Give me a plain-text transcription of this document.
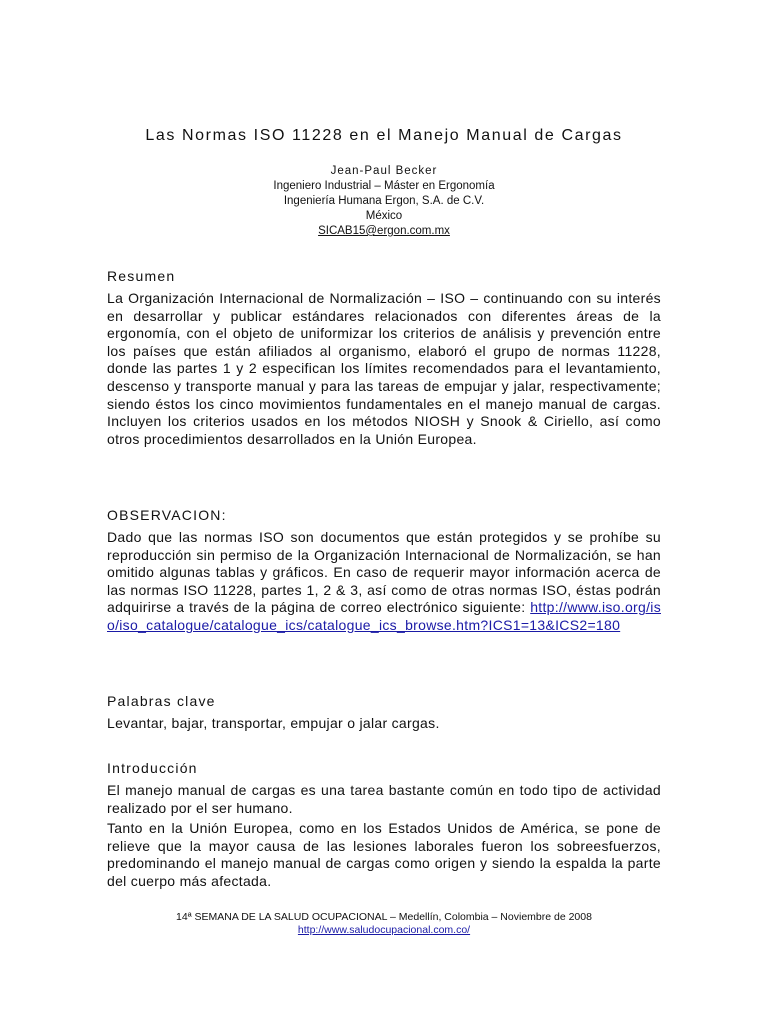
Las Normas ISO 11228 en el Manejo Manual de Cargas
Jean-Paul Becker
Ingeniero Industrial – Máster en Ergonomía
Ingeniería Humana Ergon, S.A. de C.V.
México
SICAB15@ergon.com.mx
Resumen
La Organización Internacional de Normalización – ISO – continuando con su interés en desarrollar y publicar estándares relacionados con diferentes áreas de la ergonomía, con el objeto de uniformizar los criterios de análisis y prevención entre los países que están afiliados al organismo, elaboró el grupo de normas 11228, donde las partes 1 y 2 especifican los límites recomendados para el levantamiento, descenso y transporte manual y para las tareas de empujar y jalar, respectivamente; siendo éstos los cinco movimientos fundamentales en el manejo manual de cargas. Incluyen los criterios usados en los métodos NIOSH y Snook & Ciriello, así como otros procedimientos desarrollados en la Unión Europea.
OBSERVACION:
Dado que las normas ISO son documentos que están protegidos y se prohíbe su reproducción sin permiso de la Organización Internacional de Normalización, se han omitido algunas tablas y gráficos. En caso de requerir mayor información acerca de las normas ISO 11228, partes 1, 2 & 3, así como de otras normas ISO, éstas podrán adquirirse a través de la página de correo electrónico siguiente: http://www.iso.org/iso/iso_catalogue/catalogue_ics/catalogue_ics_browse.htm?ICS1=13&ICS2=180
Palabras clave
Levantar, bajar, transportar, empujar o jalar cargas.
Introducción
El manejo manual de cargas es una tarea bastante común en todo tipo de actividad realizado por el ser humano.
Tanto en la Unión Europea, como en los Estados Unidos de América, se pone de relieve que la mayor causa de las lesiones laborales fueron los sobreesfuerzos, predominando el manejo manual de cargas como origen y siendo la espalda la parte del cuerpo más afectada.
14ª SEMANA DE LA SALUD OCUPACIONAL – Medellín, Colombia – Noviembre de 2008
http://www.saludocupacional.com.co/
